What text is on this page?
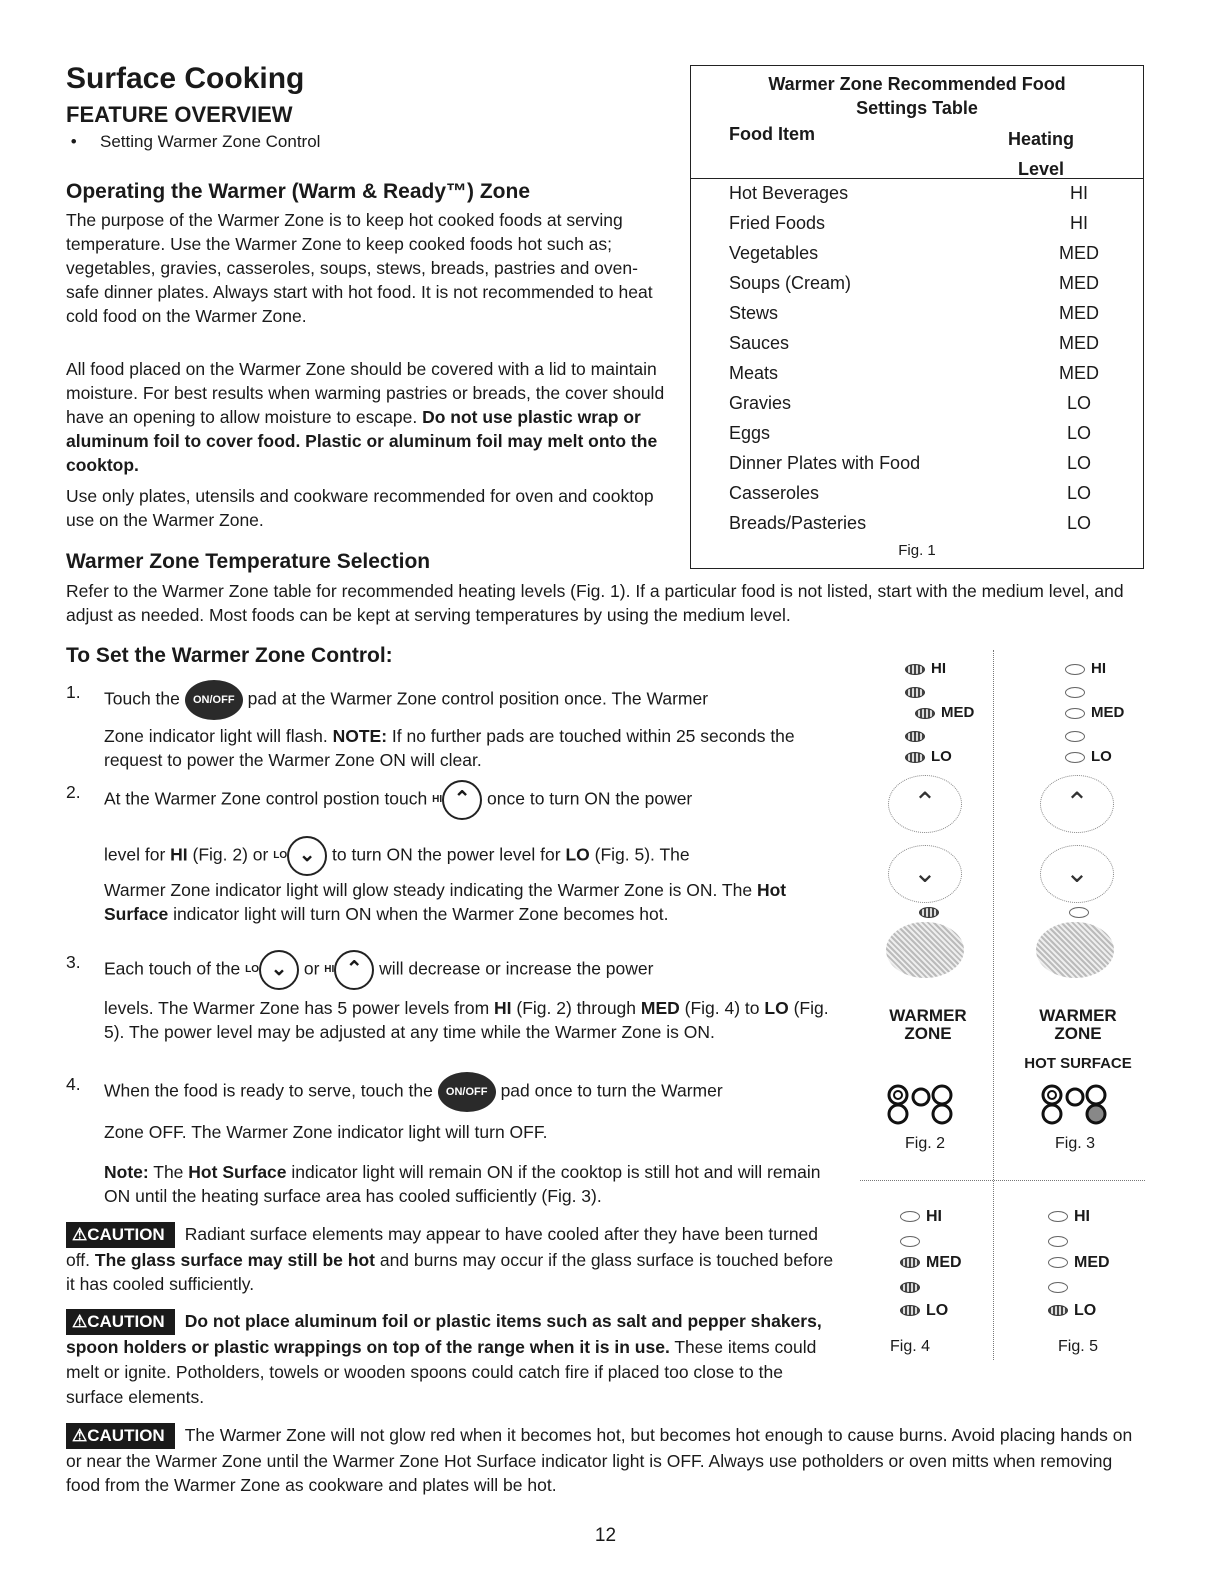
Surface Cooking
FEATURE OVERVIEW
• Setting Warmer Zone Control
Operating the Warmer (Warm & Ready™) Zone

The purpose of the Warmer Zone is to keep hot cooked foods at serving temperature. Use the Warmer Zone to keep cooked foods hot such as; vegetables, gravies, casseroles, soups, stews, breads, pastries and oven-safe dinner plates. Always start with hot food. It is not recommended to heat cold food on the Warmer Zone.

All food placed on the Warmer Zone should be covered with a lid to maintain moisture. For best results when warming pastries or breads, the cover should have an opening to allow moisture to escape. Do not use plastic wrap or aluminum foil to cover food. Plastic or aluminum foil may melt onto the cooktop.

Use only plates, utensils and cookware recommended for oven and cooktop use on the Warmer Zone.

Warmer Zone Recommended Food Settings Table
Food Item	Heating Level
Hot Beverages	HI
Fried Foods	HI
Vegetables	MED
Soups (Cream)	MED
Stews	MED
Sauces	MED
Meats	MED
Gravies	LO
Eggs	LO
Dinner Plates with Food	LO
Casseroles	LO
Breads/Pasteries	LO
Fig. 1
Warmer Zone Temperature Selection

Refer to the Warmer Zone table for recommended heating levels (Fig. 1). If a particular food is not listed, start with the medium level, and adjust as needed. Most foods can be kept at serving temperatures by using the medium level.

To Set the Warmer Zone Control:
1. Touch the ON/OFF pad at the Warmer Zone control position once. The Warmer
Zone indicator light will flash. NOTE: If no further pads are touched within 25 seconds the request to power the Warmer Zone ON will clear.
2. At the Warmer Zone control postion touch HI ⌃ once to turn ON the power
level for HI (Fig. 2) or LO ⌄ to turn ON the power level for LO (Fig. 5). The
Warmer Zone indicator light will glow steady indicating the Warmer Zone is ON. The Hot Surface indicator light will turn ON when the Warmer Zone becomes hot.
3. Each touch of the LO ⌄ or HI ⌃ will decrease or increase the power
levels. The Warmer Zone has 5 power levels from HI (Fig. 2) through MED (Fig. 4) to LO (Fig. 5). The power level may be adjusted at any time while the Warmer Zone is ON.
4. When the food is ready to serve, touch the ON/OFF pad once to turn the Warmer
Zone OFF. The Warmer Zone indicator light will turn OFF.
Note: The Hot Surface indicator light will remain ON if the cooktop is still hot and will remain ON until the heating surface area has cooled sufficiently (Fig. 3).

⚠CAUTION Radiant surface elements may appear to have cooled after they have been turned off. The glass surface may still be hot and burns may occur if the glass surface is touched before it has cooled sufficiently.

⚠CAUTION Do not place aluminum foil or plastic items such as salt and pepper shakers, spoon holders or plastic wrappings on top of the range when it is in use. These items could melt or ignite. Potholders, towels or wooden spoons could catch fire if placed too close to the surface elements.

⚠CAUTION The Warmer Zone will not glow red when it becomes hot, but becomes hot enough to cause burns. Avoid placing hands on or near the Warmer Zone until the Warmer Zone Hot Surface indicator light is OFF. Always use potholders or oven mitts when removing food from the Warmer Zone as cookware and plates will be hot.

HI
MED
LO
⌃
⌄
WARMER
ZONE
Fig. 2
HI
MED
LO
⌃
⌄
WARMER
ZONE
HOT SURFACE
Fig. 3
HI
MED
LO
Fig. 4
HI
MED
LO
Fig. 5
12
